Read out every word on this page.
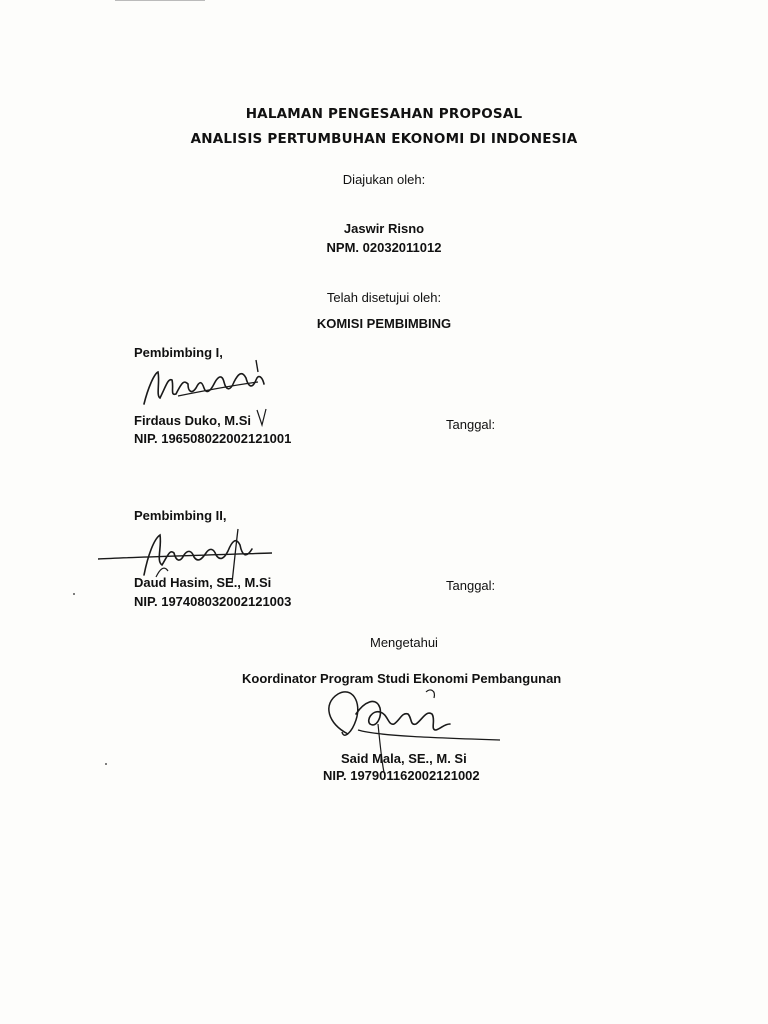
HALAMAN PENGESAHAN PROPOSAL
ANALISIS PERTUMBUHAN EKONOMI DI INDONESIA
Diajukan oleh:
Jaswir Risno
NPM. 02032011012
Telah disetujui oleh:
KOMISI PEMBIMBING
Pembimbing I,
Firdaus Duko, M.Si
NIP. 196508022002121001
Tanggal:
Pembimbing II,
Daud Hasim, SE., M.Si
NIP. 197408032002121003
Tanggal:
Mengetahui
Koordinator Program Studi Ekonomi Pembangunan
Said Mala, SE., M. Si
NIP. 197901162002121002
